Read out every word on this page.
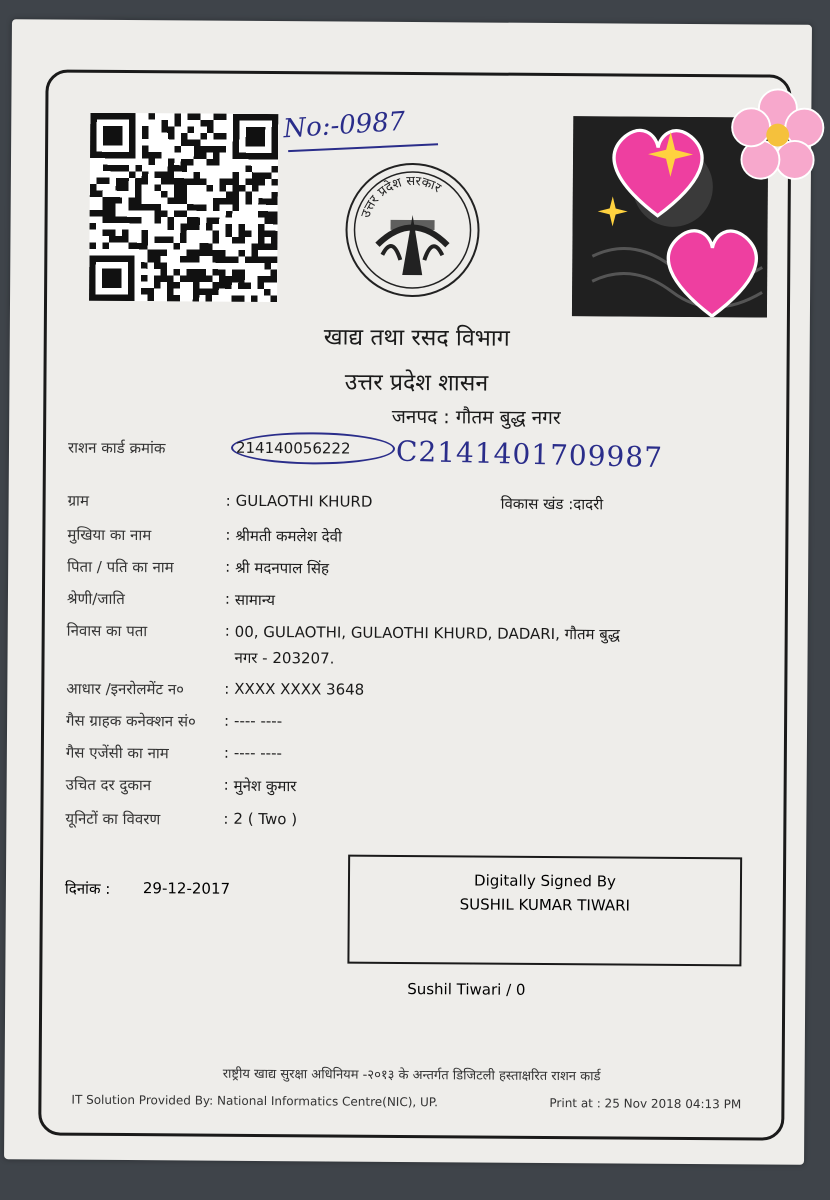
No:-0987
उत्तर प्रदेश सरकार
खाद्य तथा रसद विभाग
उत्तर प्रदेश शासन
जनपद : गौतम बुद्ध नगर
C2141401709987
राशन कार्ड क्रमांक	214140056222
ग्राम	: GULAOTHI KHURD	विकास खंड :दादरी
मुखिया का नाम	: श्रीमती कमलेश देवी
पिता / पति का नाम	: श्री मदनपाल सिंह
श्रेणी/जाति	: सामान्य
निवास का पता	: 00, GULAOTHI, GULAOTHI KHURD, DADARI, गौतम बुद्ध
नगर - 203207.
आधार /इनरोलमेंट न०	: XXXX XXXX 3648
गैस ग्राहक कनेक्शन सं० : ---- ----
गैस एजेंसी का नाम	: ---- ----
उचित दर दुकान	: मुनेश कुमार
यूनिटों का विवरण	: 2 ( Two )
दिनांक : 29-12-2017	Digitally Signed By
SUSHIL KUMAR TIWARI
Sushil Tiwari / 0
राष्ट्रीय खाद्य सुरक्षा अधिनियम -२०१३ के अन्तर्गत डिजिटली हस्ताक्षरित राशन कार्ड
IT Solution Provided By: National Informatics Centre(NIC), UP.	Print at : 25 Nov 2018 04:13 PM
